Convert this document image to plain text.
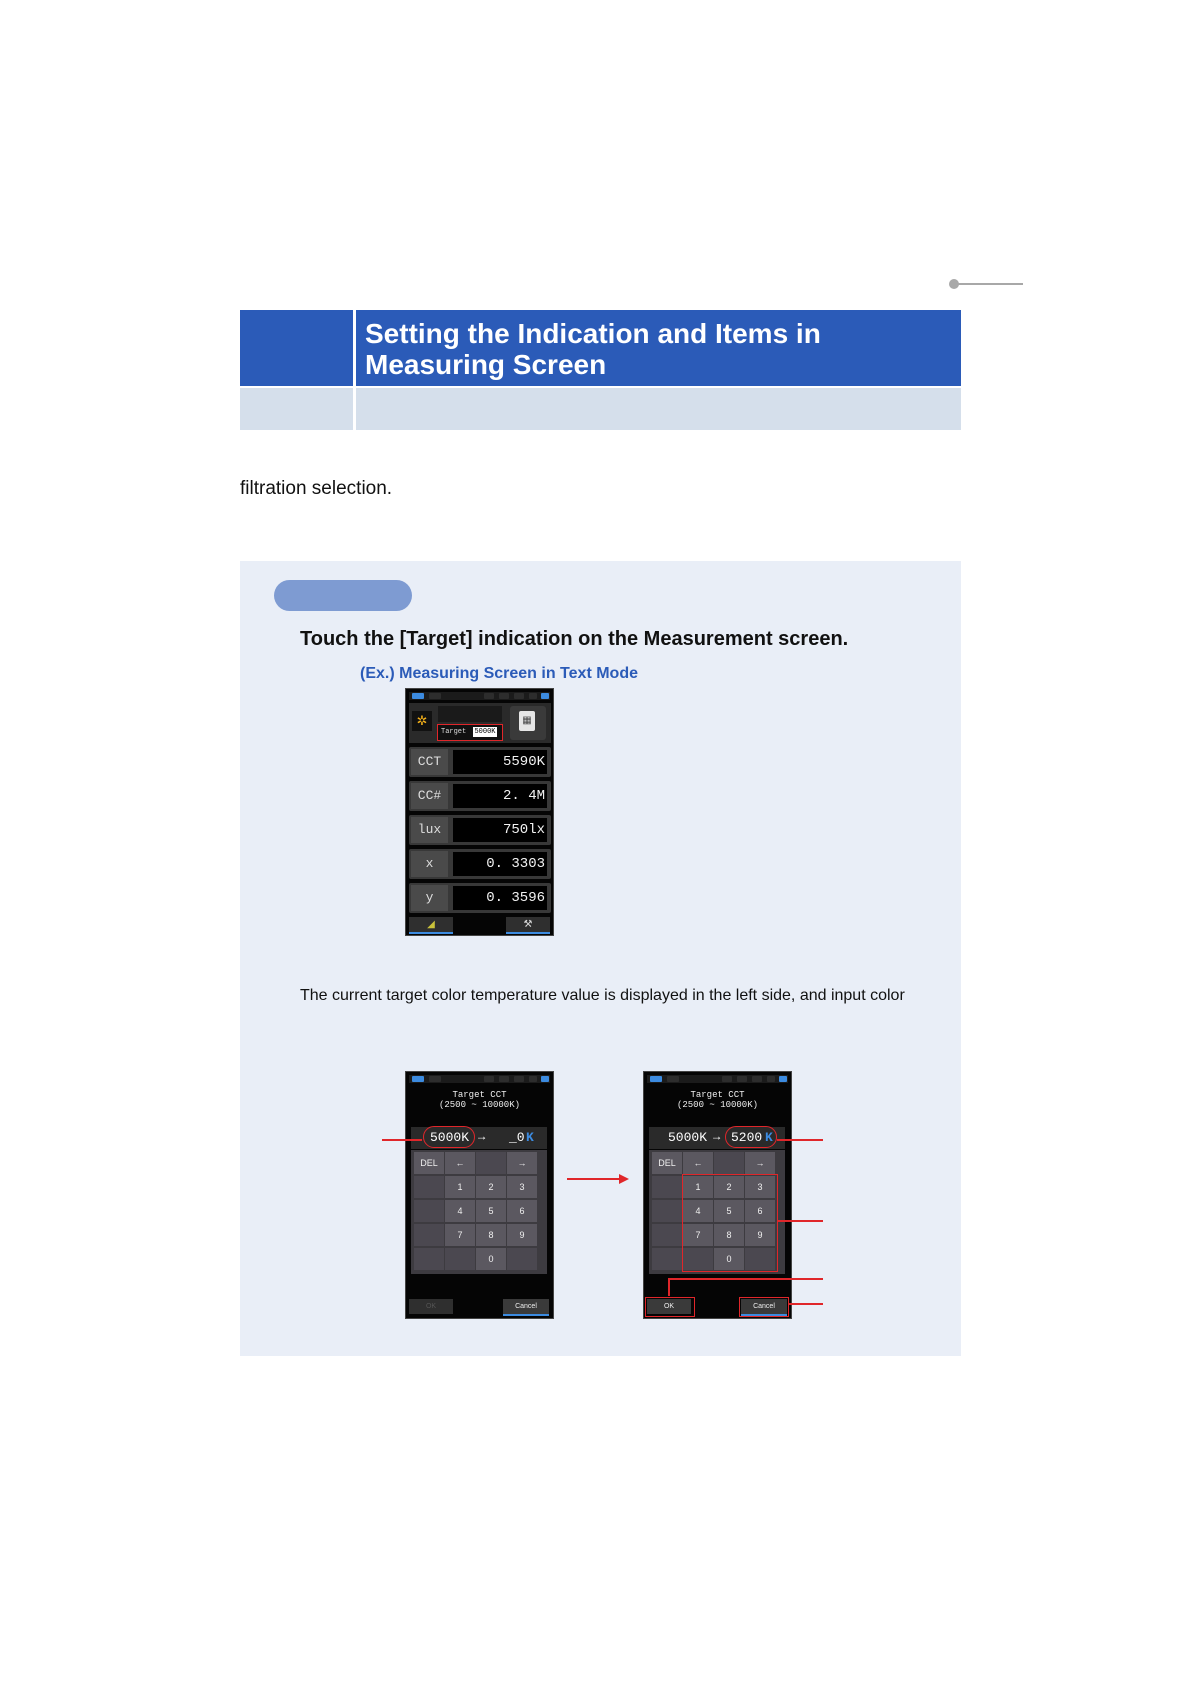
Setting the Indication and Items in Measuring Screen
filtration selection.
Touch the [Target] indication on the Measurement screen.
(Ex.) Measuring Screen in Text Mode
✲
Target 5000K
▦
CCT	5590K
CC#	2. 4M
lux	750lx
x	0. 3303
y	0. 3596
◢	⚒
The current target color temperature value is displayed in the left side, and input color
Target CCT
(2500 ~ 10000K)
5000K → _0 K
DEL	←	→
1	2	3
4	5	6
7	8	9
0
OK	Cancel
Target CCT
(2500 ~ 10000K)
5000K → 5200 K
DEL	←	→
1	2	3
4	5	6
7	8	9
0
OK	Cancel
